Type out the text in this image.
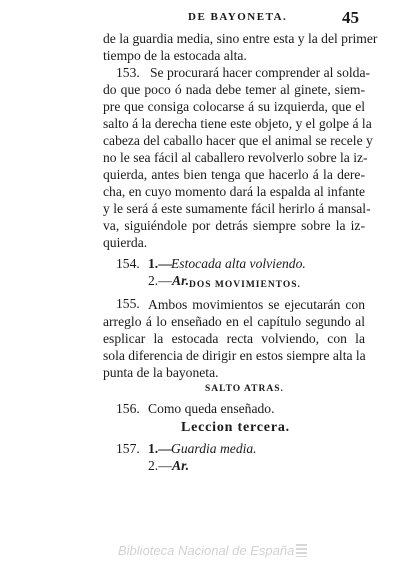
DE BAYONETA.	45
de la guardia media, sino entre esta y la del primer
tiempo de la estocada alta.
153. Se procurará hacer comprender al solda-
do que poco ó nada debe temer al ginete, siem-
pre que consiga colocarse á su izquierda, que el
salto á la derecha tiene este objeto, y el golpe á la
cabeza del caballo hacer que el animal se recele y
no le sea fácil al caballero revolverlo sobre la iz-
quierda, antes bien tenga que hacerlo á la dere-
cha, en cuyo momento dará la espalda al infante
y le será á este sumamente fácil herirlo á mansal-
va, siguiéndole por detrás siempre sobre la iz-
quierda.
154. 1.— Estocada alta volviendo.
2.— Ar. DOS MOVIMIENTOS.
155. Ambos movimientos se ejecutarán con
arreglo á lo enseñado en el capítulo segundo al
esplicar la estocada recta volviendo, con la
sola diferencia de dirigir en estos siempre alta la
punta de la bayoneta.
SALTO ATRAS.
156. Como queda enseñado.
Leccion tercera.
157. 1.— Guardia media.
2.— Ar.
Biblioteca Nacional de España
